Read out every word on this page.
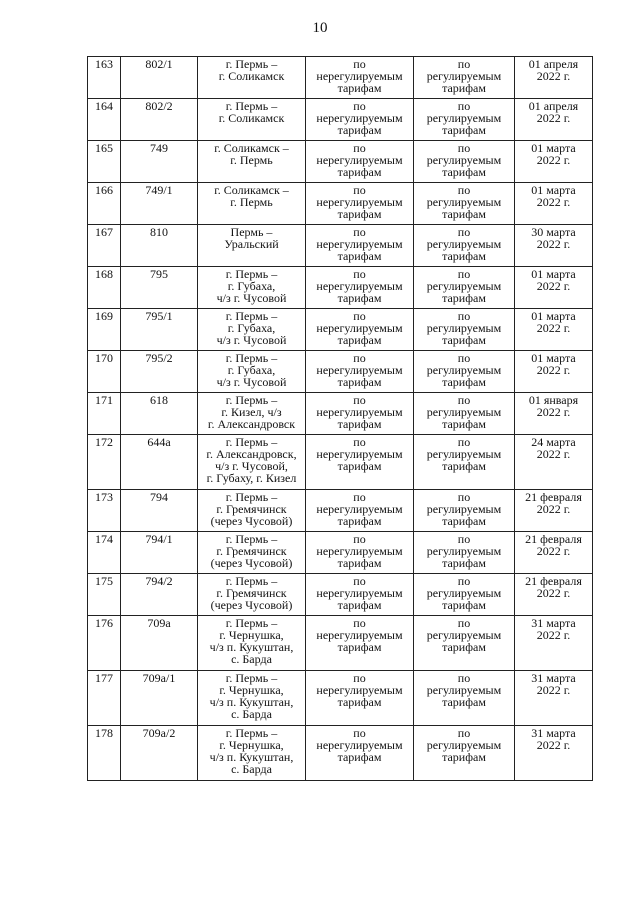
10
163	802/1	г. Пермь –
г. Соликамск	по
нерегулируемым
тарифам	по
регулируемым
тарифам	01 апреля
2022 г.
164	802/2	г. Пермь –
г. Соликамск	по
нерегулируемым
тарифам	по
регулируемым
тарифам	01 апреля
2022 г.
165	749	г. Соликамск –
г. Пермь	по
нерегулируемым
тарифам	по
регулируемым
тарифам	01 марта
2022 г.
166	749/1	г. Соликамск –
г. Пермь	по
нерегулируемым
тарифам	по
регулируемым
тарифам	01 марта
2022 г.
167	810	Пермь –
Уральский	по
нерегулируемым
тарифам	по
регулируемым
тарифам	30 марта
2022 г.
168	795	г. Пермь –
г. Губаха,
ч/з г. Чусовой	по
нерегулируемым
тарифам	по
регулируемым
тарифам	01 марта
2022 г.
169	795/1	г. Пермь –
г. Губаха,
ч/з г. Чусовой	по
нерегулируемым
тарифам	по
регулируемым
тарифам	01 марта
2022 г.
170	795/2	г. Пермь –
г. Губаха,
ч/з г. Чусовой	по
нерегулируемым
тарифам	по
регулируемым
тарифам	01 марта
2022 г.
171	618	г. Пермь –
г. Кизел, ч/з
г. Александровск	по
нерегулируемым
тарифам	по
регулируемым
тарифам	01 января
2022 г.
172	644а	г. Пермь –
г. Александровск,
ч/з г. Чусовой,
г. Губаху, г. Кизел	по
нерегулируемым
тарифам	по
регулируемым
тарифам	24 марта
2022 г.
173	794	г. Пермь –
г. Гремячинск
(через Чусовой)	по
нерегулируемым
тарифам	по
регулируемым
тарифам	21 февраля
2022 г.
174	794/1	г. Пермь –
г. Гремячинск
(через Чусовой)	по
нерегулируемым
тарифам	по
регулируемым
тарифам	21 февраля
2022 г.
175	794/2	г. Пермь –
г. Гремячинск
(через Чусовой)	по
нерегулируемым
тарифам	по
регулируемым
тарифам	21 февраля
2022 г.
176	709а	г. Пермь –
г. Чернушка,
ч/з п. Кукуштан,
с. Барда	по
нерегулируемым
тарифам	по
регулируемым
тарифам	31 марта
2022 г.
177	709а/1	г. Пермь –
г. Чернушка,
ч/з п. Кукуштан,
с. Барда	по
нерегулируемым
тарифам	по
регулируемым
тарифам	31 марта
2022 г.
178	709а/2	г. Пермь –
г. Чернушка,
ч/з п. Кукуштан,
с. Барда	по
нерегулируемым
тарифам	по
регулируемым
тарифам	31 марта
2022 г.
